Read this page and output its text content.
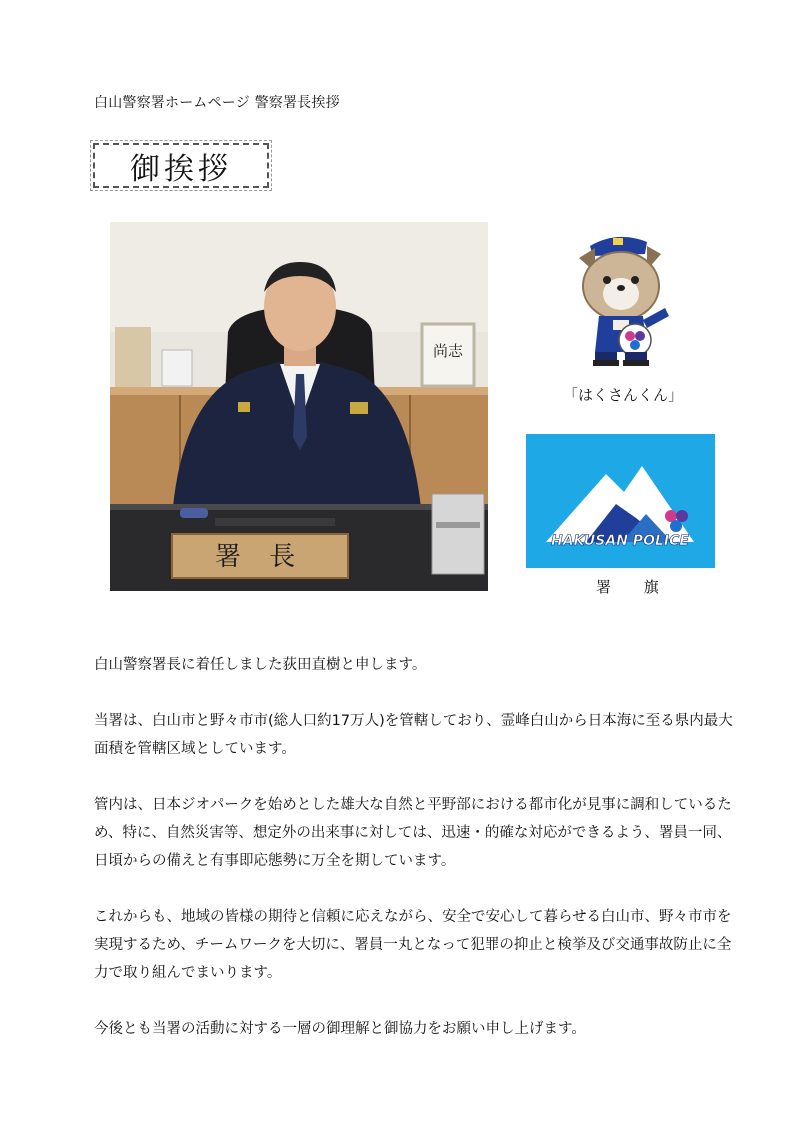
白山警察署ホームページ 警察署長挨拶
御挨拶
尚志
署 長
「はくさんくん」
HAKUSAN POLICE
署 旗

白山警察署長に着任しました荻田直樹と申します。

当署は、白山市と野々市市(総人口約17万人)を管轄しており、霊峰白山から日本海に至る県内最大面積を管轄区域としています。

管内は、日本ジオパークを始めとした雄大な自然と平野部における都市化が見事に調和しているため、特に、自然災害等、想定外の出来事に対しては、迅速・的確な対応ができるよう、署員一同、日頃からの備えと有事即応態勢に万全を期しています。

これからも、地域の皆様の期待と信頼に応えながら、安全で安心して暮らせる白山市、野々市市を実現するため、チームワークを大切に、署員一丸となって犯罪の抑止と検挙及び交通事故防止に全力で取り組んでまいります。

今後とも当署の活動に対する一層の御理解と御協力をお願い申し上げます。
